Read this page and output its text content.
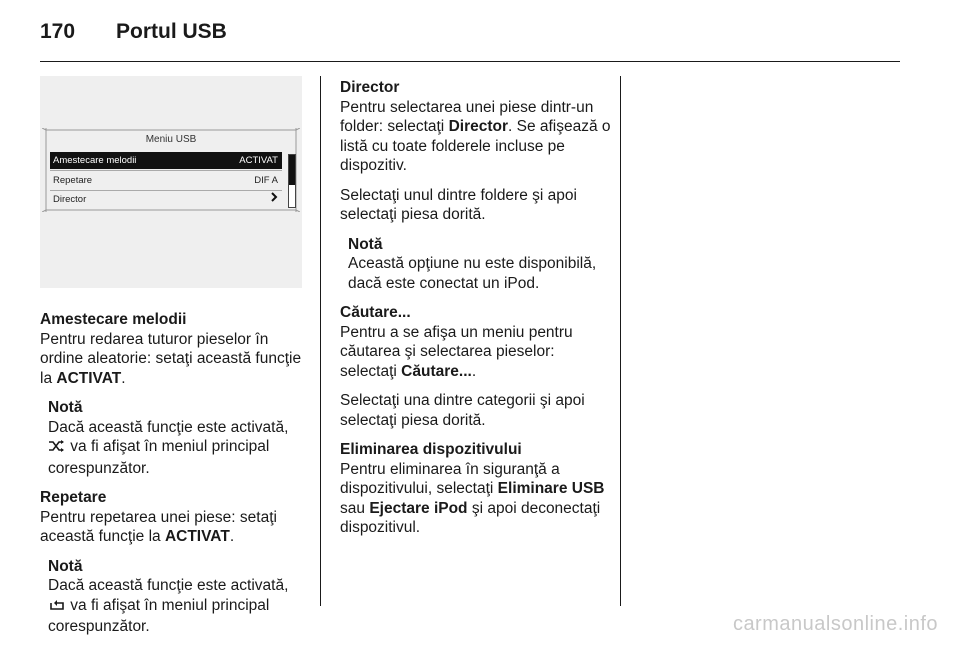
170 Portul USB
Meniu USB
Amestecare melodii	ACTIVAT
Repetare	DIF A
Director

Amestecare melodii
Pentru redarea tuturor pieselor în ordine aleatorie: setaţi această funcţie la ACTIVAT.

Notă
Dacă această funcţie este activată,
va fi afişat în meniul principal corespunzător.

Repetare
Pentru repetarea unei piese: setaţi această funcţie la ACTIVAT.

Notă
Dacă această funcţie este activată,
va fi afişat în meniul principal corespunzător.

Director
Pentru selectarea unei piese dintr-un folder: selectaţi Director. Se afişează o listă cu toate folderele incluse pe dispozitiv.

Selectaţi unul dintre foldere şi apoi selectaţi piesa dorită.

Notă
Această opţiune nu este disponibilă, dacă este conectat un iPod.

Căutare...
Pentru a se afişa un meniu pentru căutarea şi selectarea pieselor: selectaţi Căutare....

Selectaţi una dintre categorii şi apoi selectaţi piesa dorită.

Eliminarea dispozitivului
Pentru eliminarea în siguranţă a dispozitivului, selectaţi Eliminare USB sau Ejectare iPod şi apoi deconectaţi dispozitivul.

carmanualsonline.info
